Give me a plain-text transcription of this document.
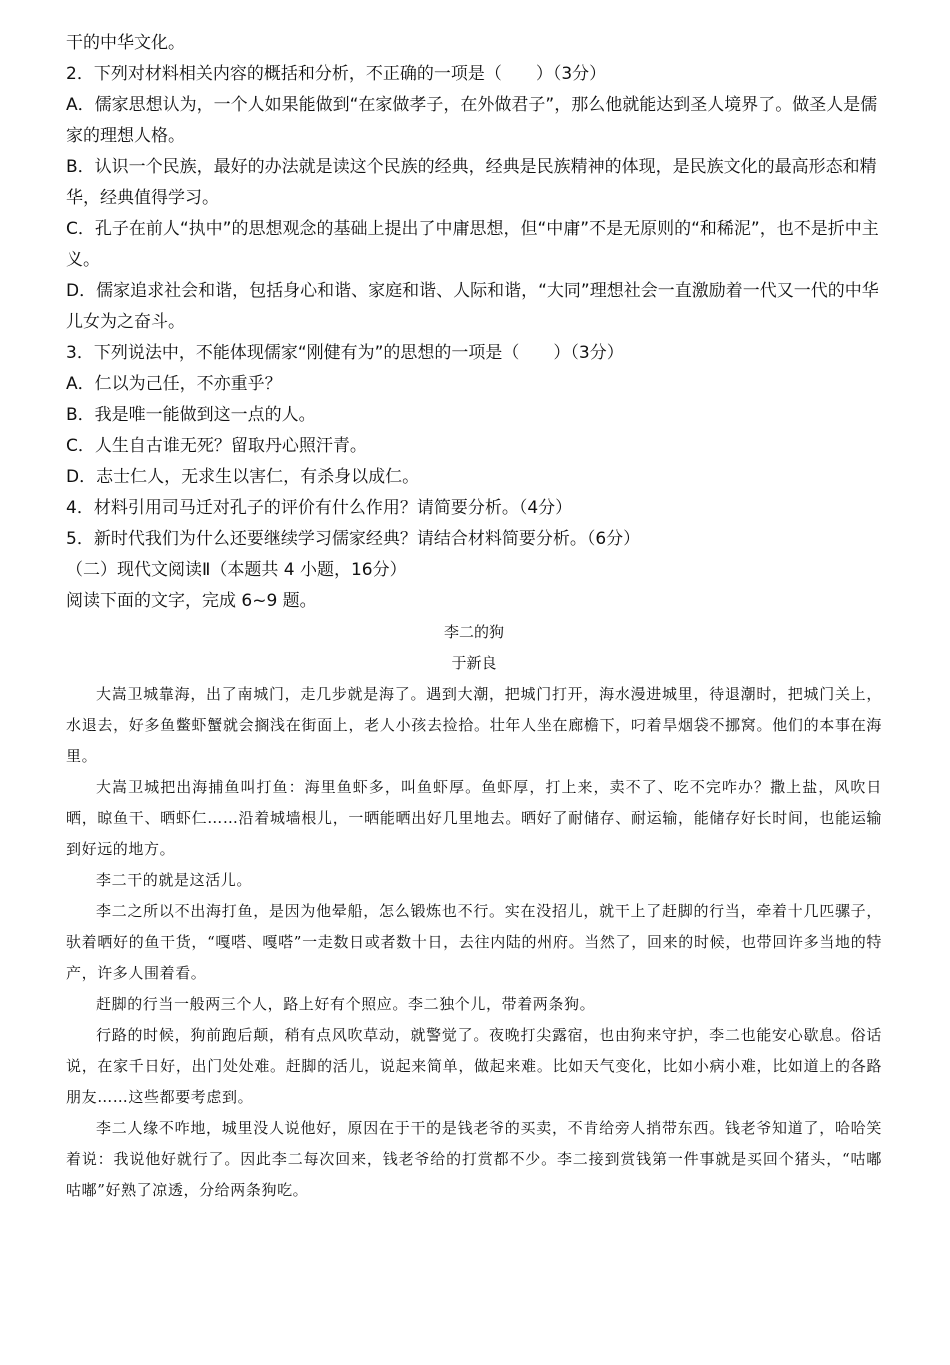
干的中华文化。

2．下列对材料相关内容的概括和分析，不正确的一项是（　　）（3分）

A．儒家思想认为，一个人如果能做到“在家做孝子，在外做君子”，那么他就能达到圣人境界了。做圣人是儒家的理想人格。

B．认识一个民族，最好的办法就是读这个民族的经典，经典是民族精神的体现，是民族文化的最高形态和精华，经典值得学习。

C．孔子在前人“执中”的思想观念的基础上提出了中庸思想，但“中庸”不是无原则的“和稀泥”，也不是折中主义。

D．儒家追求社会和谐，包括身心和谐、家庭和谐、人际和谐，“大同”理想社会一直激励着一代又一代的中华儿女为之奋斗。

3．下列说法中，不能体现儒家“刚健有为”的思想的一项是（　　）（3分）

A．仁以为己任，不亦重乎？

B．我是唯一能做到这一点的人。

C．人生自古谁无死？留取丹心照汗青。

D．志士仁人，无求生以害仁，有杀身以成仁。

4．材料引用司马迁对孔子的评价有什么作用？请简要分析。（4分）

5．新时代我们为什么还要继续学习儒家经典？请结合材料简要分析。（6分）

（二）现代文阅读Ⅱ（本题共 4 小题，16分）

阅读下面的文字，完成 6~9 题。

李二的狗

于新良

大嵩卫城靠海，出了南城门，走几步就是海了。遇到大潮，把城门打开，海水漫进城里，待退潮时，把城门关上，水退去，好多鱼鳖虾蟹就会搁浅在街面上，老人小孩去捡拾。壮年人坐在廊檐下，叼着旱烟袋不挪窝。他们的本事在海里。

大嵩卫城把出海捕鱼叫打鱼：海里鱼虾多，叫鱼虾厚。鱼虾厚，打上来，卖不了、吃不完咋办？撒上盐，风吹日晒，晾鱼干、晒虾仁……沿着城墙根儿，一晒能晒出好几里地去。晒好了耐储存、耐运输，能储存好长时间，也能运输到好远的地方。

李二干的就是这活儿。

李二之所以不出海打鱼，是因为他晕船，怎么锻炼也不行。实在没招儿，就干上了赶脚的行当，牵着十几匹骡子，驮着晒好的鱼干货，“嘎嗒、嘎嗒”一走数日或者数十日，去往内陆的州府。当然了，回来的时候，也带回许多当地的特产，许多人围着看。

赶脚的行当一般两三个人，路上好有个照应。李二独个儿，带着两条狗。

行路的时候，狗前跑后颠，稍有点风吹草动，就警觉了。夜晚打尖露宿，也由狗来守护，李二也能安心歇息。俗话说，在家千日好，出门处处难。赶脚的活儿，说起来简单，做起来难。比如天气变化，比如小病小难，比如道上的各路朋友……这些都要考虑到。

李二人缘不咋地，城里没人说他好，原因在于干的是钱老爷的买卖，不肯给旁人捎带东西。钱老爷知道了，哈哈笑着说：我说他好就行了。因此李二每次回来，钱老爷给的打赏都不少。李二接到赏钱第一件事就是买回个猪头，“咕嘟咕嘟”好熟了凉透，分给两条狗吃。
